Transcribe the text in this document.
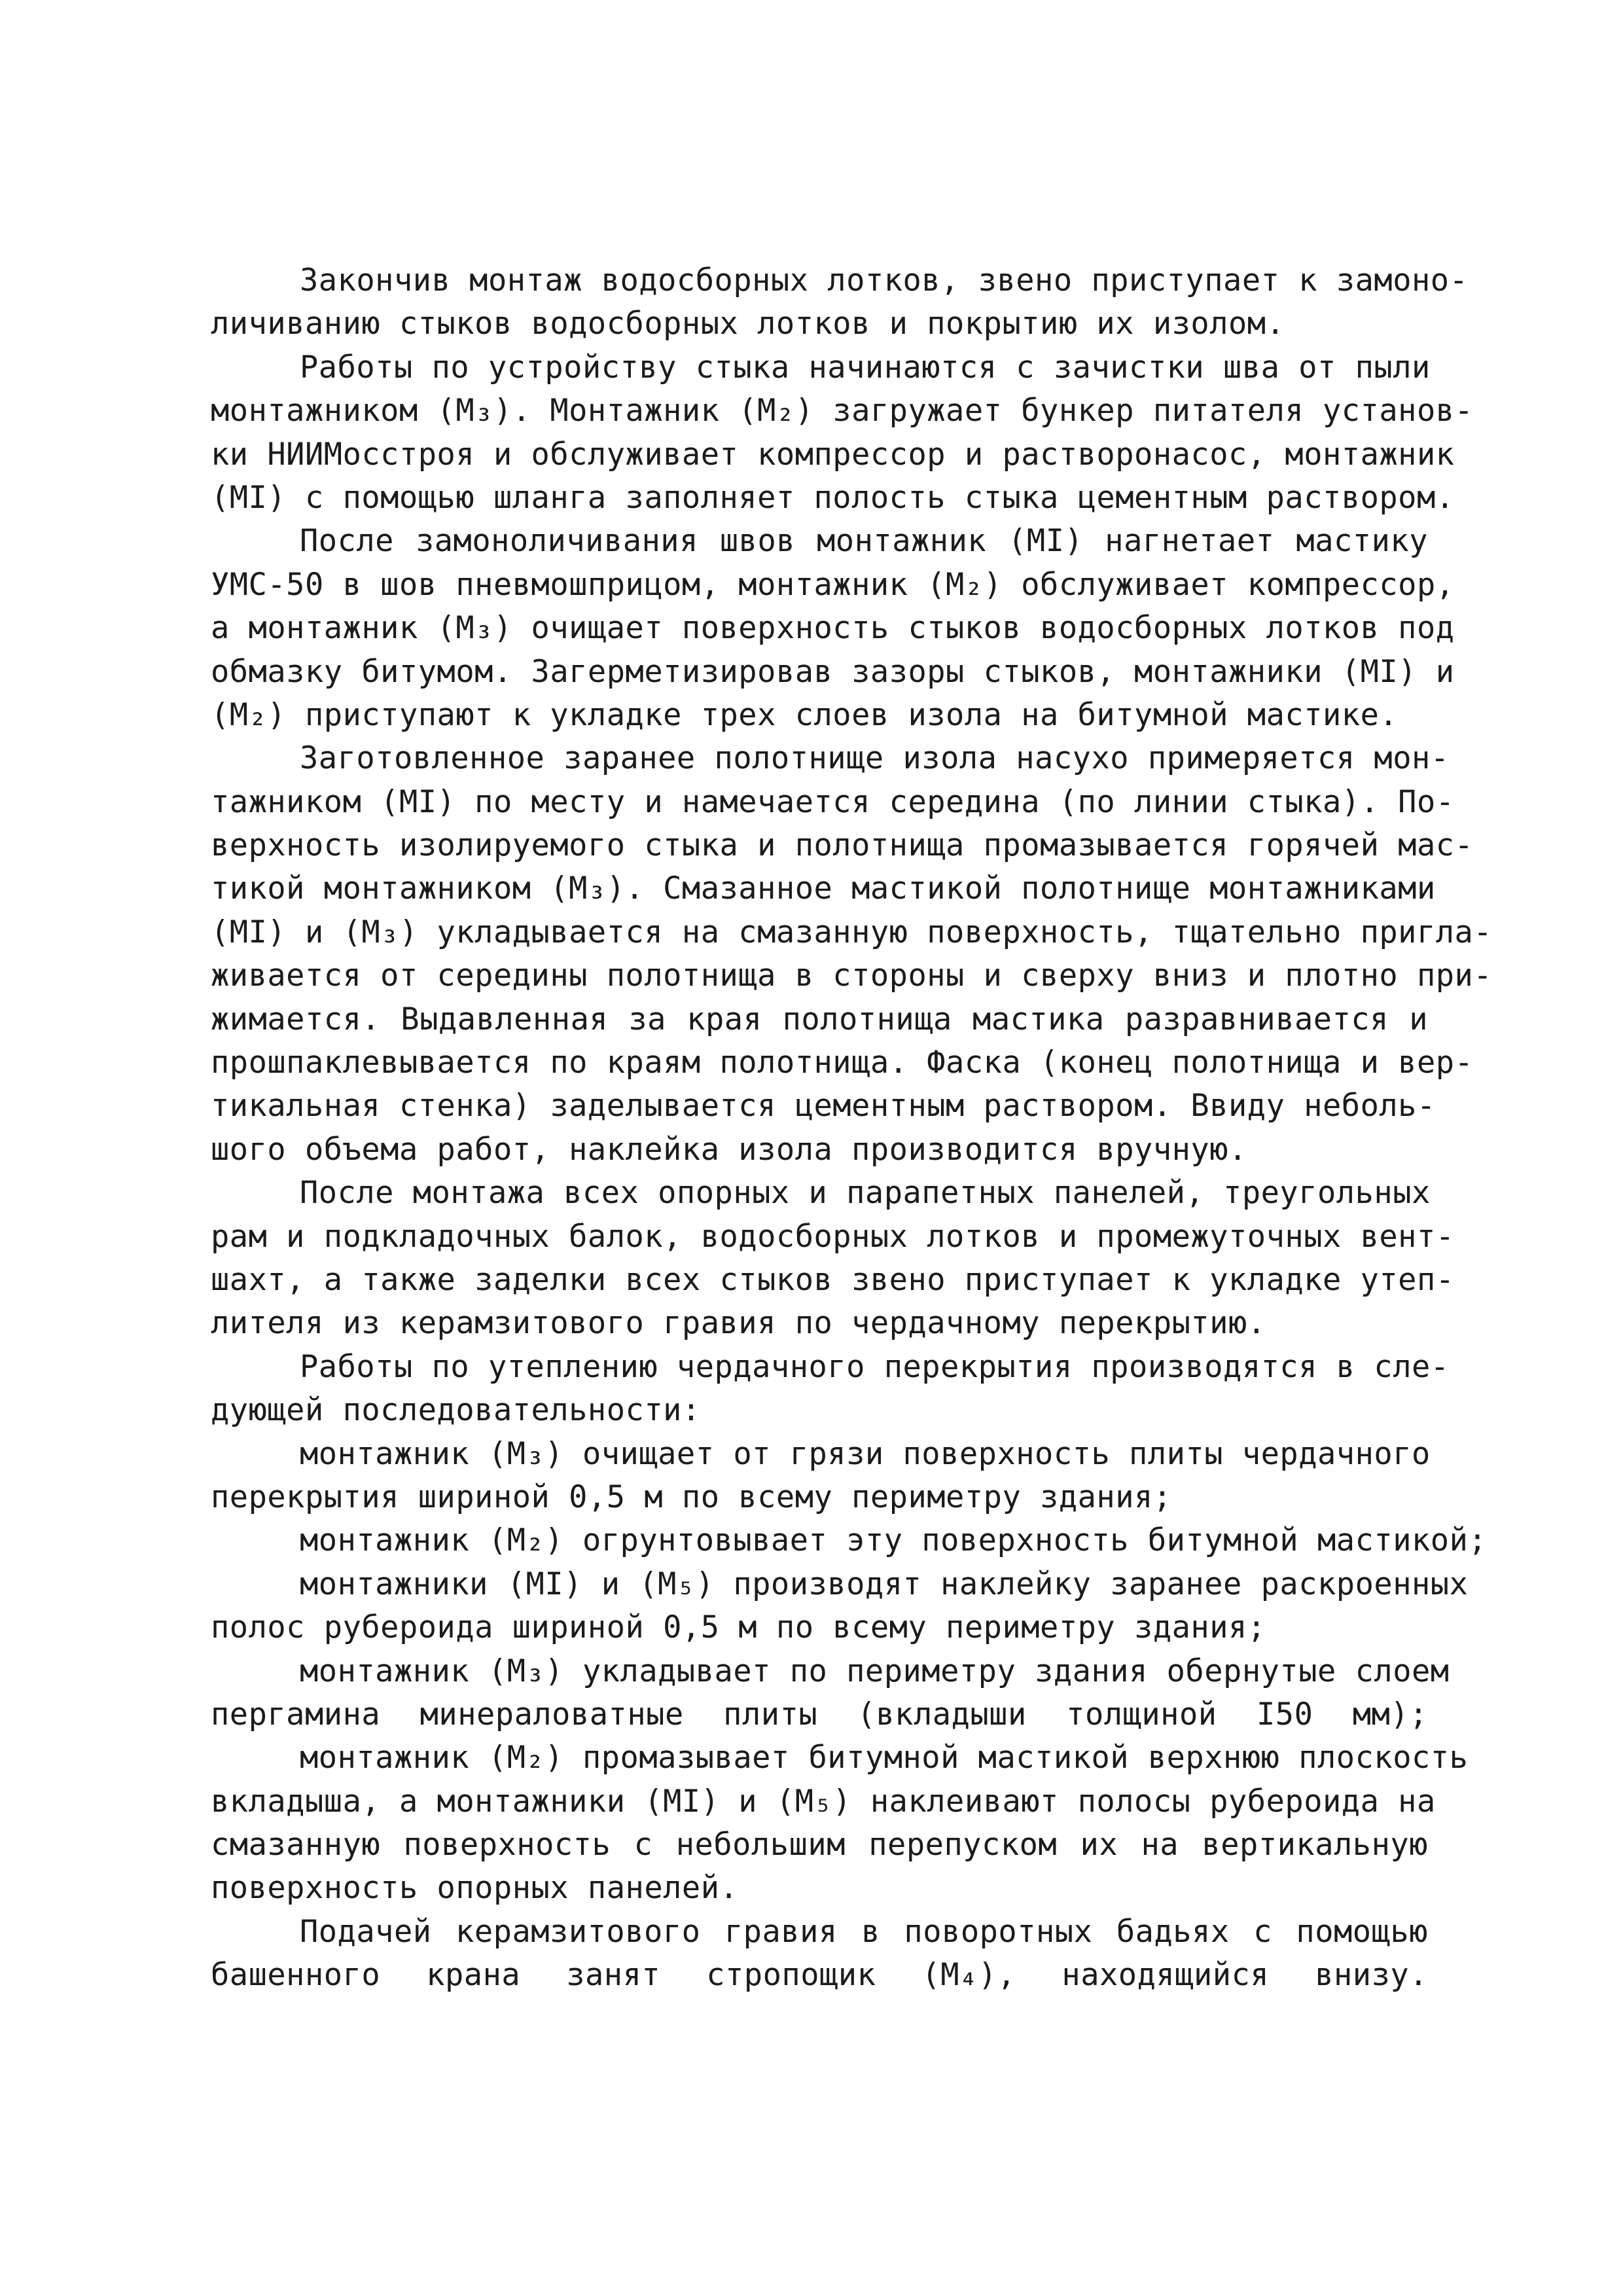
Закончив монтаж водосборных лотков, звено приступает к замоно-
личиванию стыков водосборных лотков и покрытию их изолом.
Работы по устройству стыка начинаются с зачистки шва от пыли
монтажником (М₃). Монтажник (М₂) загружает бункер питателя установ-
ки НИИМосстроя и обслуживает компрессор и растворонасос, монтажник
(МI) с помощью шланга заполняет полость стыка цементным раствором.
После замоноличивания швов монтажник (МI) нагнетает мастику
УМС-50 в шов пневмошприцом, монтажник (М₂) обслуживает компрессор,
а монтажник (М₃) очищает поверхность стыков водосборных лотков под
обмазку битумом. Загерметизировав зазоры стыков, монтажники (МI) и
(М₂) приступают к укладке трех слоев изола на битумной мастике.
Заготовленное заранее полотнище изола насухо примеряется мон-
тажником (МI) по месту и намечается середина (по линии стыка). По-
верхность изолируемого стыка и полотнища промазывается горячей мас-
тикой монтажником (М₃). Смазанное мастикой полотнище монтажниками
(МI) и (М₃) укладывается на смазанную поверхность, тщательно пригла-
живается от середины полотнища в стороны и сверху вниз и плотно при-
жимается. Выдавленная за края полотнища мастика разравнивается и
прошпаклевывается по краям полотнища. Фаска (конец полотнища и вер-
тикальная стенка) заделывается цементным раствором. Ввиду неболь-
шого объема работ, наклейка изола производится вручную.
После монтажа всех опорных и парапетных панелей, треугольных
рам и подкладочных балок, водосборных лотков и промежуточных вент-
шахт, а также заделки всех стыков звено приступает к укладке утеп-
лителя из керамзитового гравия по чердачному перекрытию.
Работы по утеплению чердачного перекрытия производятся в сле-
дующей последовательности:
монтажник (М₃) очищает от грязи поверхность плиты чердачного
перекрытия шириной 0,5 м по всему периметру здания;
монтажник (М₂) огрунтовывает эту поверхность битумной мастикой;
монтажники (МI) и (М₅) производят наклейку заранее раскроенных
полос рубероида шириной 0,5 м по всему периметру здания;
монтажник (М₃) укладывает по периметру здания обернутые слоем
пергамина минераловатные плиты (вкладыши толщиной I50 мм);
монтажник (М₂) промазывает битумной мастикой верхнюю плоскость
вкладыша, а монтажники (МI) и (М₅) наклеивают полосы рубероида на
смазанную поверхность с небольшим перепуском их на вертикальную
поверхность опорных панелей.
Подачей керамзитового гравия в поворотных бадьях с помощью
башенного крана занят стропощик (М₄), находящийся внизу.
